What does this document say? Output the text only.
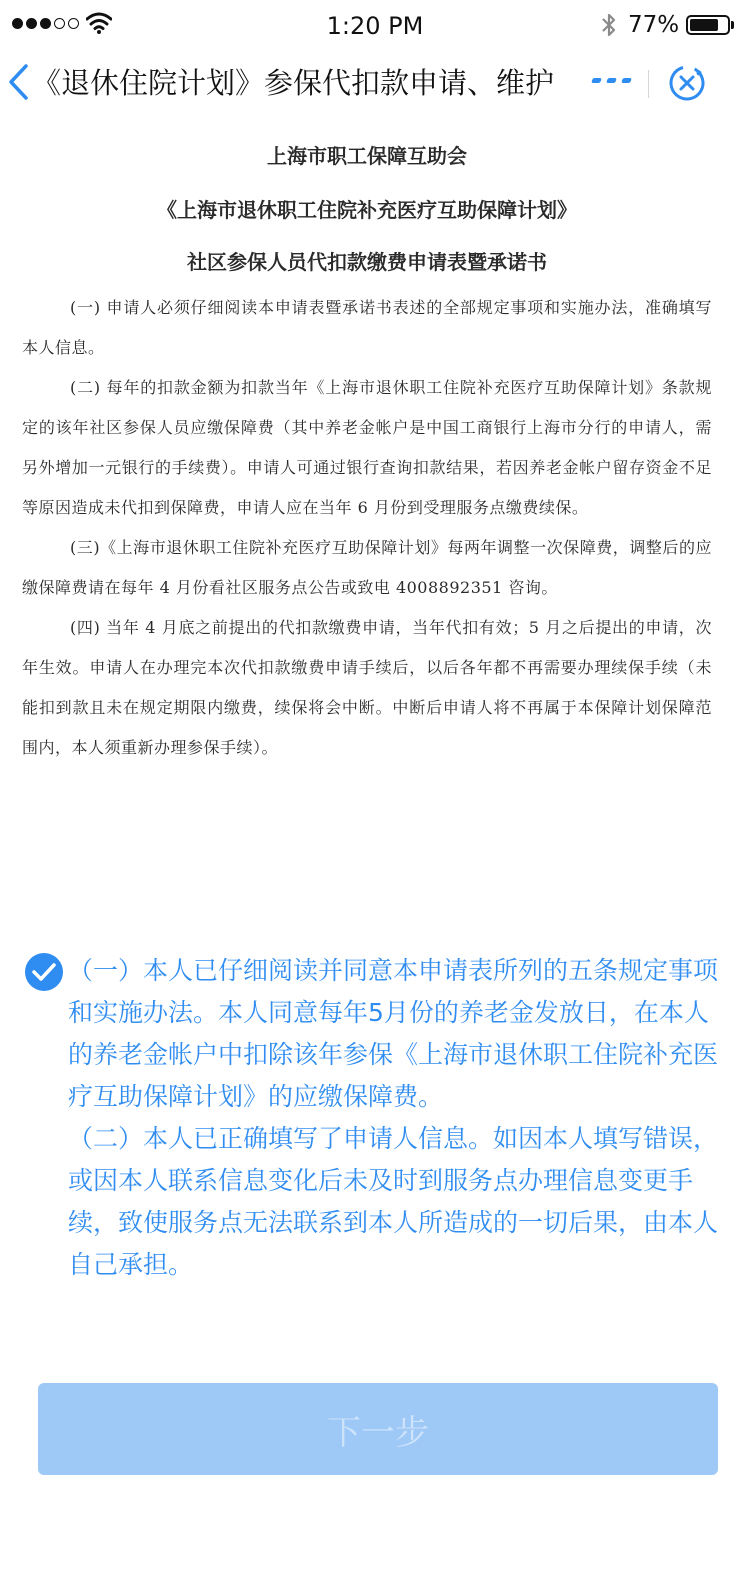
1:20 PM	77%
《退休住院计划》参保代扣款申请、维护
上海市职工保障互助会
《上海市退休职工住院补充医疗互助保障计划》
社区参保人员代扣款缴费申请表暨承诺书

(一) 申请人必须仔细阅读本申请表暨承诺书表述的全部规定事项和实施办法，准确填写本人信息。

(二) 每年的扣款金额为扣款当年《上海市退休职工住院补充医疗互助保障计划》条款规定的该年社区参保人员应缴保障费（其中养老金帐户是中国工商银行上海市分行的申请人，需另外增加一元银行的手续费）。申请人可通过银行查询扣款结果，若因养老金帐户留存资金不足等原因造成未代扣到保障费，申请人应在当年 6 月份到受理服务点缴费续保。

(三)《上海市退休职工住院补充医疗互助保障计划》每两年调整一次保障费，调整后的应缴保障费请在每年 4 月份看社区服务点公告或致电 4008892351 咨询。

(四) 当年 4 月底之前提出的代扣款缴费申请，当年代扣有效；5 月之后提出的申请，次年生效。申请人在办理完本次代扣款缴费申请手续后，以后各年都不再需要办理续保手续（未能扣到款且未在规定期限内缴费，续保将会中断。中断后申请人将不再属于本保障计划保障范围内，本人须重新办理参保手续）。

（一）本人已仔细阅读并同意本申请表所列的五条规定事项和实施办法。本人同意每年5月份的养老金发放日，在本人的养老金帐户中扣除该年参保《上海市退休职工住院补充医疗互助保障计划》的应缴保障费。
（二）本人已正确填写了申请人信息。如因本人填写错误，或因本人联系信息变化后未及时到服务点办理信息变更手续，致使服务点无法联系到本人所造成的一切后果，由本人自己承担。
下一步
